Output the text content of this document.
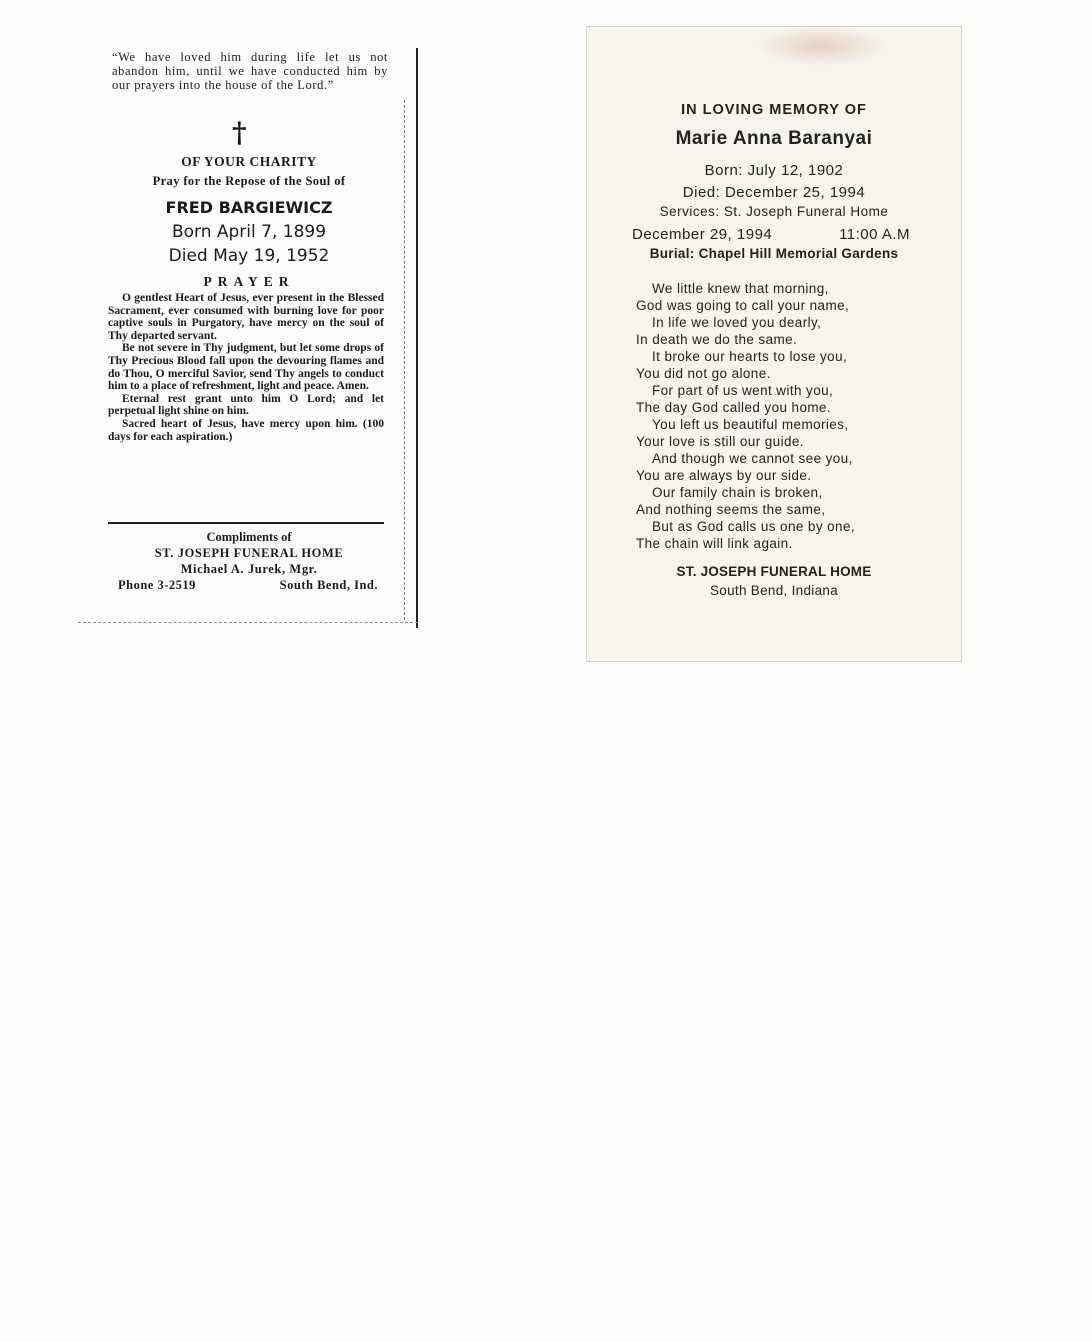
“We have loved him during life let us not abandon him, until we have conducted him by our prayers into the house of the Lord.”
†
OF YOUR CHARITY
Pray for the Repose of the Soul of
FRED BARGIEWICZ
Born April 7, 1899
Died May 19, 1952
PRAYER

O gentlest Heart of Jesus, ever present in the Blessed Sacrament, ever consumed with burning love for poor captive souls in Purgatory, have mercy on the soul of Thy departed servant.

Be not severe in Thy judgment, but let some drops of Thy Precious Blood fall upon the devouring flames and do Thou, O merciful Savior, send Thy angels to conduct him to a place of refreshment, light and peace. Amen.

Eternal rest grant unto him O Lord; and let perpetual light shine on him.

Sacred heart of Jesus, have mercy upon him. (100 days for each aspiration.)

Compliments of
ST. JOSEPH FUNERAL HOME
Michael A. Jurek, Mgr.
Phone 3-2519	South Bend, Ind.
IN LOVING MEMORY OF
Marie Anna Baranyai
Born: July 12, 1902
Died: December 25, 1994
Services: St. Joseph Funeral Home
December 29, 1994	11:00 A.M
Burial: Chapel Hill Memorial Gardens
We little knew that morning,
God was going to call your name,
In life we loved you dearly,
In death we do the same.
It broke our hearts to lose you,
You did not go alone.
For part of us went with you,
The day God called you home.
You left us beautiful memories,
Your love is still our guide.
And though we cannot see you,
You are always by our side.
Our family chain is broken,
And nothing seems the same,
But as God calls us one by one,
The chain will link again.
ST. JOSEPH FUNERAL HOME
South Bend, Indiana
